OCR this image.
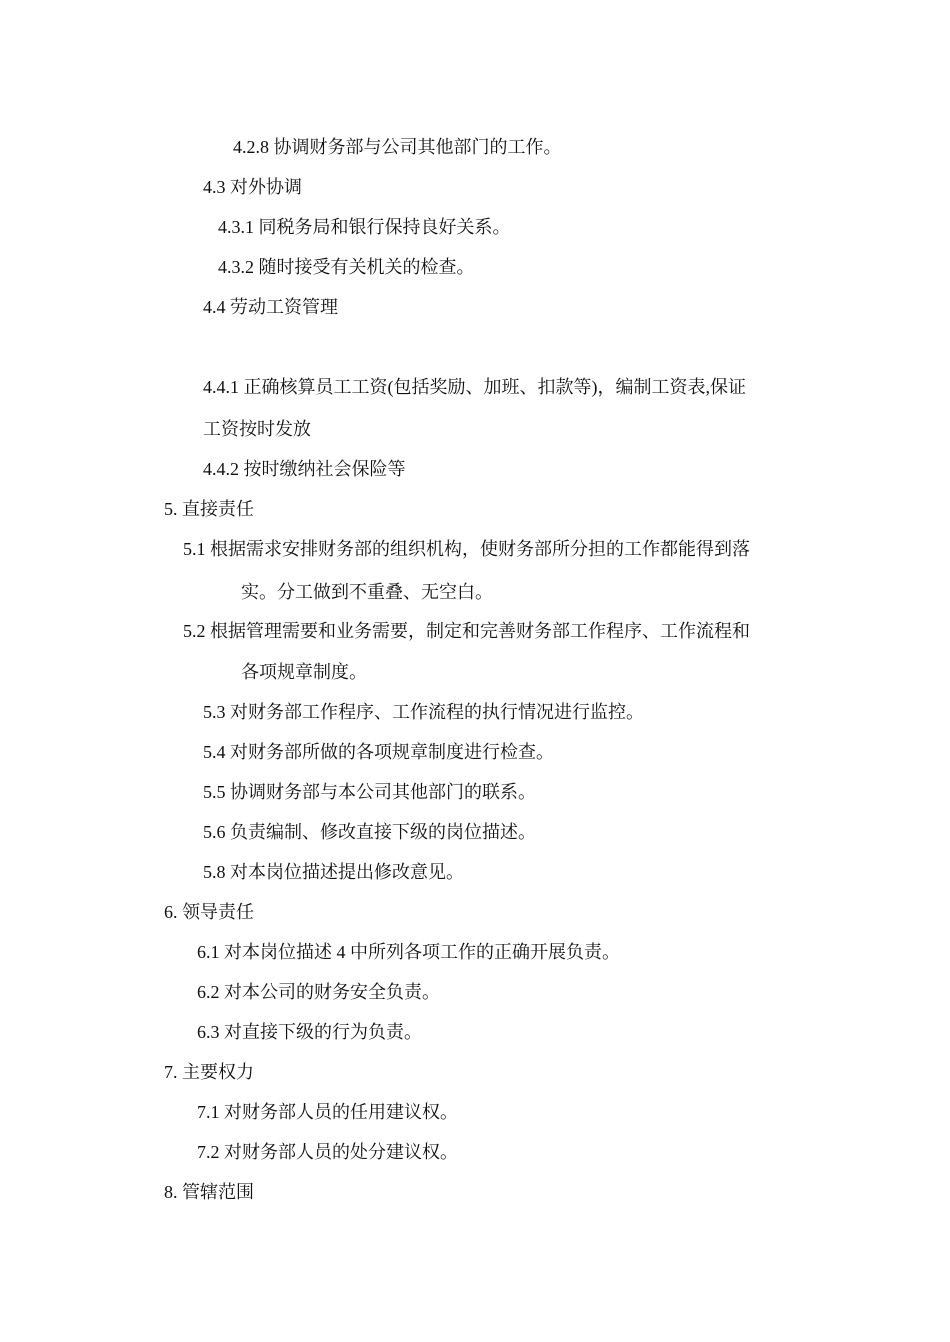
4.2.8 协调财务部与公司其他部门的工作。
4.3 对外协调
4.3.1 同税务局和银行保持良好关系。
4.3.2 随时接受有关机关的检查。
4.4 劳动工资管理
4.4.1 正确核算员工工资(包括奖励、加班、扣款等)，编制工资表,保证
工资按时发放
4.4.2 按时缴纳社会保险等
5. 直接责任
5.1 根据需求安排财务部的组织机构，使财务部所分担的工作都能得到落
实。分工做到不重叠、无空白。
5.2 根据管理需要和业务需要，制定和完善财务部工作程序、工作流程和
各项规章制度。
5.3 对财务部工作程序、工作流程的执行情况进行监控。
5.4 对财务部所做的各项规章制度进行检查。
5.5 协调财务部与本公司其他部门的联系。
5.6 负责编制、修改直接下级的岗位描述。
5.8 对本岗位描述提出修改意见。
6. 领导责任
6.1 对本岗位描述 4 中所列各项工作的正确开展负责。
6.2 对本公司的财务安全负责。
6.3 对直接下级的行为负责。
7. 主要权力
7.1 对财务部人员的任用建议权。
7.2 对财务部人员的处分建议权。
8. 管辖范围
